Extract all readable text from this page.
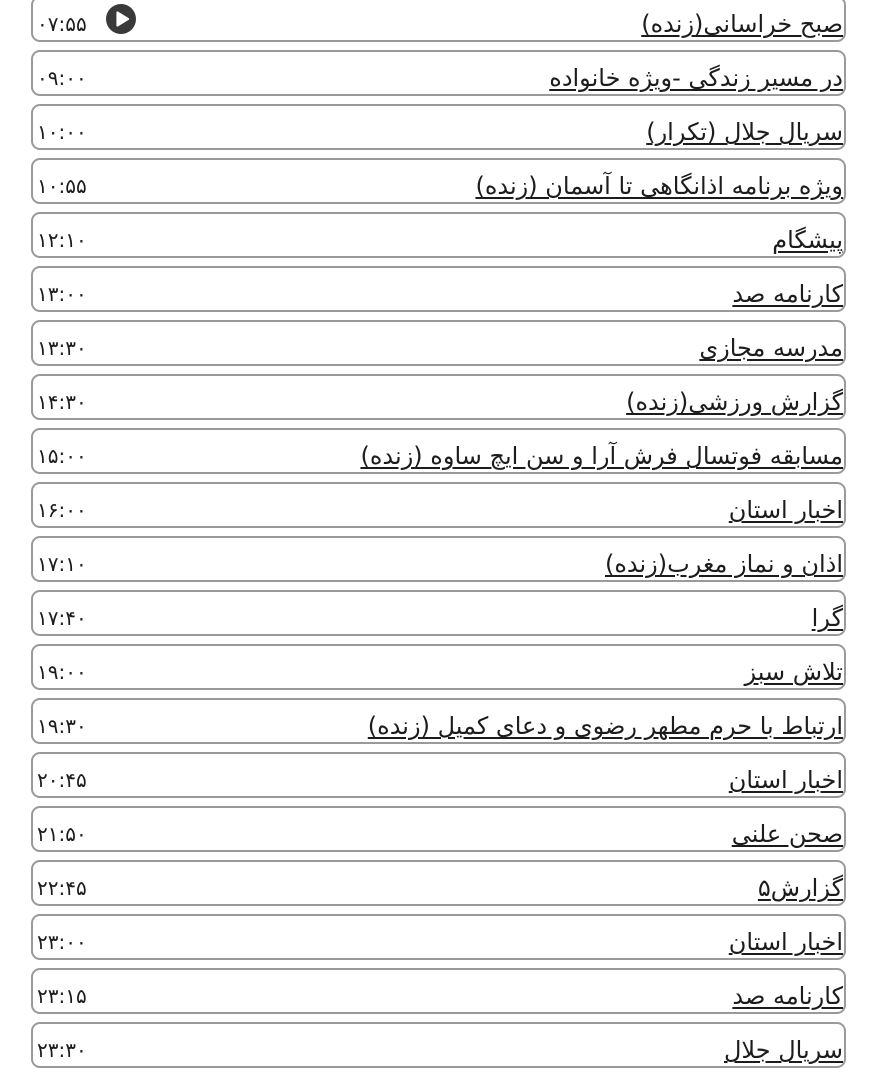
صبح خراسانی(زنده)
۰۷:۵۵
در مسیر زندگی -ویژه خانواده
۰۹:۰۰
سریال جلال (تکرار)
۱۰:۰۰
ویژه برنامه اذانگاهی تا آسمان (زنده)
۱۰:۵۵
پیشگام
۱۲:۱۰
کارنامه صد
۱۳:۰۰
مدرسه مجازی
۱۳:۳۰
گزارش ورزشی(زنده)
۱۴:۳۰
مسابقه فوتسال فرش آرا و سن ایچ ساوه (زنده)
۱۵:۰۰
اخبار استان
۱۶:۰۰
اذان و نماز مغرب(زنده)
۱۷:۱۰
گرا
۱۷:۴۰
تلاش سبز
۱۹:۰۰
ارتباط با حرم مطهر رضوی و دعای کمیل (زنده)
۱۹:۳۰
اخبار استان
۲۰:۴۵
صحن علنی
۲۱:۵۰
گزارش۵
۲۲:۴۵
اخبار استان
۲۳:۰۰
کارنامه صد
۲۳:۱۵
سریال جلال
۲۳:۳۰
